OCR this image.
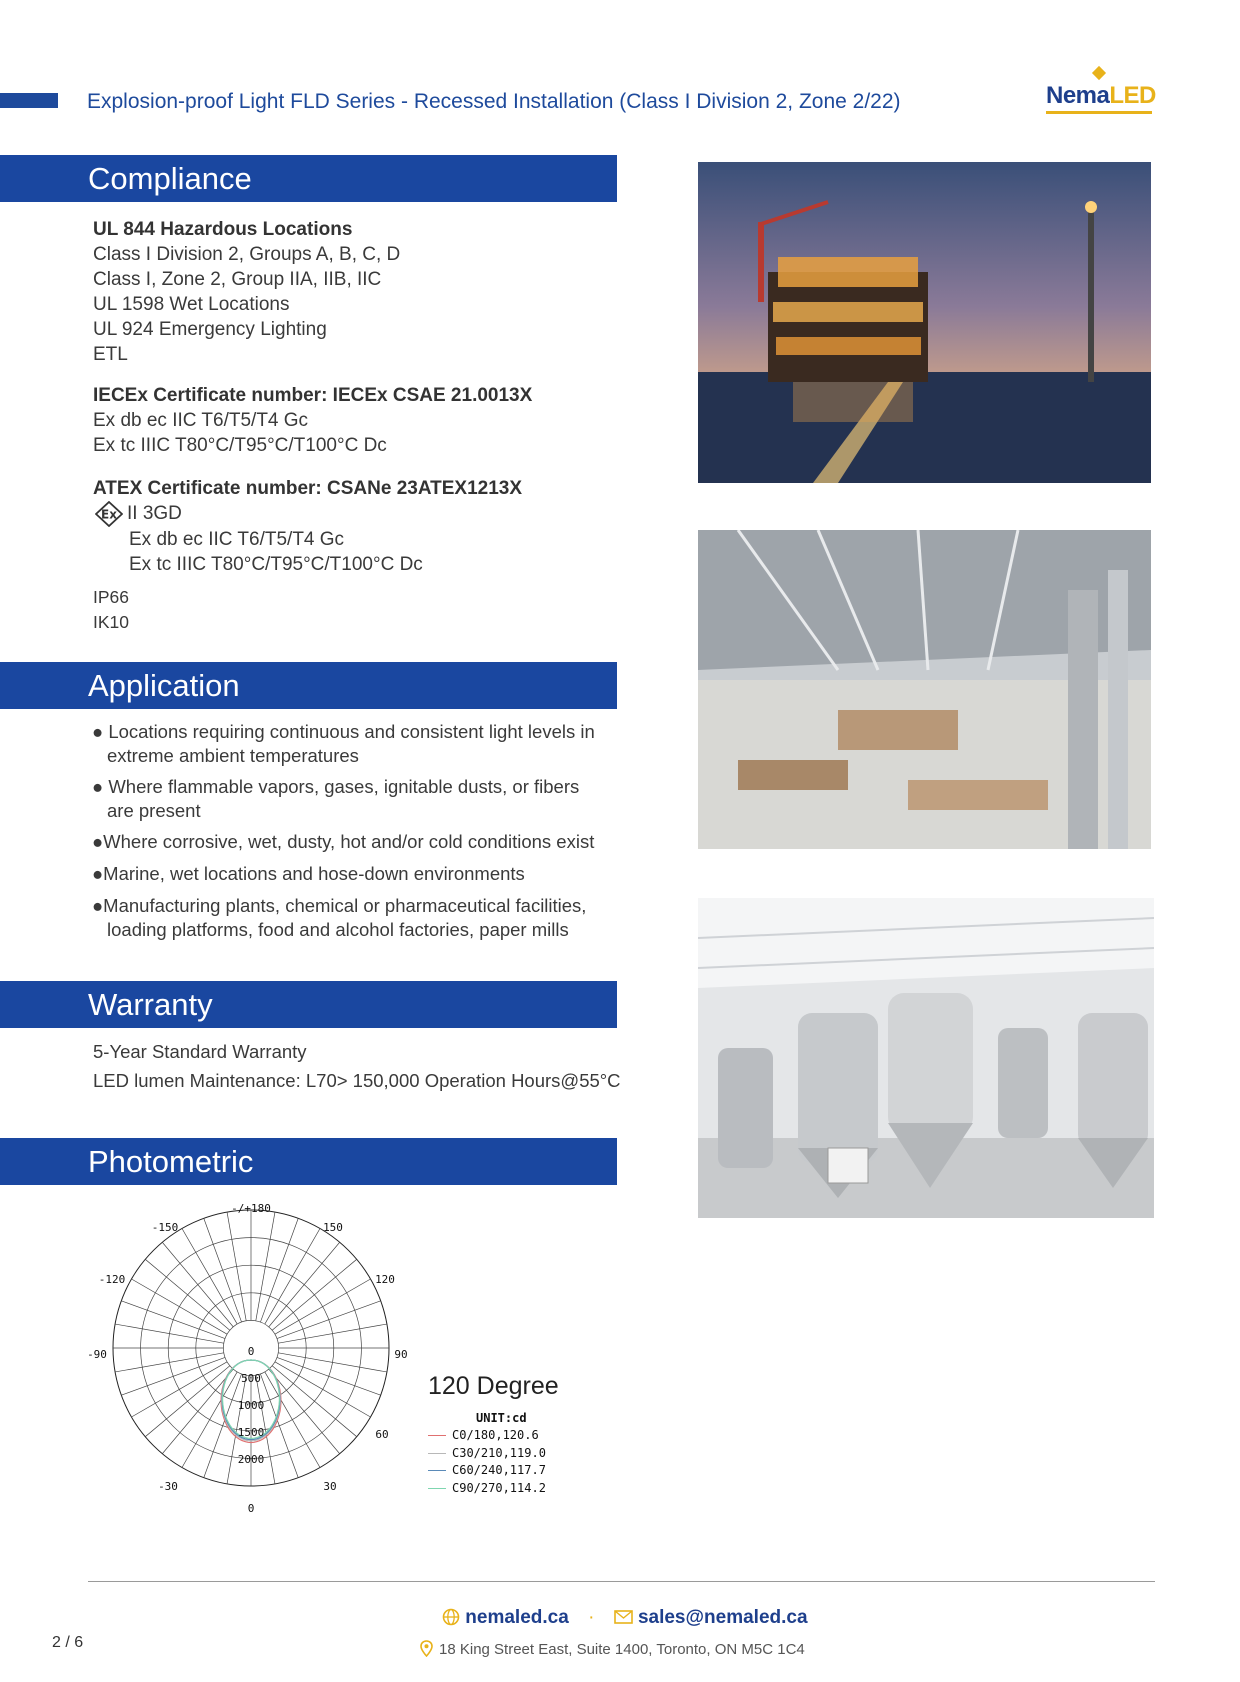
Explosion-proof Light FLD Series - Recessed Installation (Class I Division 2, Zone 2/22)	NemaLED
Compliance
UL 844 Hazardous Locations
Class I Division 2, Groups A, B, C, D
Class I, Zone 2, Group IIA, IIB, IIC
UL 1598 Wet Locations
UL 924 Emergency Lighting
ETL
IECEx Certificate number: IECEx CSAE 21.0013X
Ex db ec IIC T6/T5/T4 Gc
Ex tc IIIC T80°C/T95°C/T100°C Dc
ATEX Certificate number: CSANe 23ATEX1213X
Ex II 3GD
Ex db ec IIC T6/T5/T4 Gc
Ex tc IIIC T80°C/T95°C/T100°C Dc
IP66
IK10
Application
● Locations requiring continuous and consistent light levels in
extreme ambient temperatures
● Where flammable vapors, gases, ignitable dusts, or fibers
are present
●Where corrosive, wet, dusty, hot and/or cold conditions exist
●Marine, wet locations and hose-down environments
●Manufacturing plants, chemical or pharmaceutical facilities,
loading platforms, food and alcohol factories, paper mills
Warranty
5-Year Standard Warranty
LED lumen Maintenance: L70> 150,000 Operation Hours@55°C
Photometric
-/+180
-150	150
-120	120
-90	90
60
-30	30
0
0
500
1000
1500
2000
120 Degree
UNIT:cd
C0/180,120.6
C30/210,119.0
C60/240,117.7
C90/270,114.2
nemaled.ca · sales@nemaled.ca
18 King Street East, Suite 1400, Toronto, ON M5C 1C4
2 / 6
